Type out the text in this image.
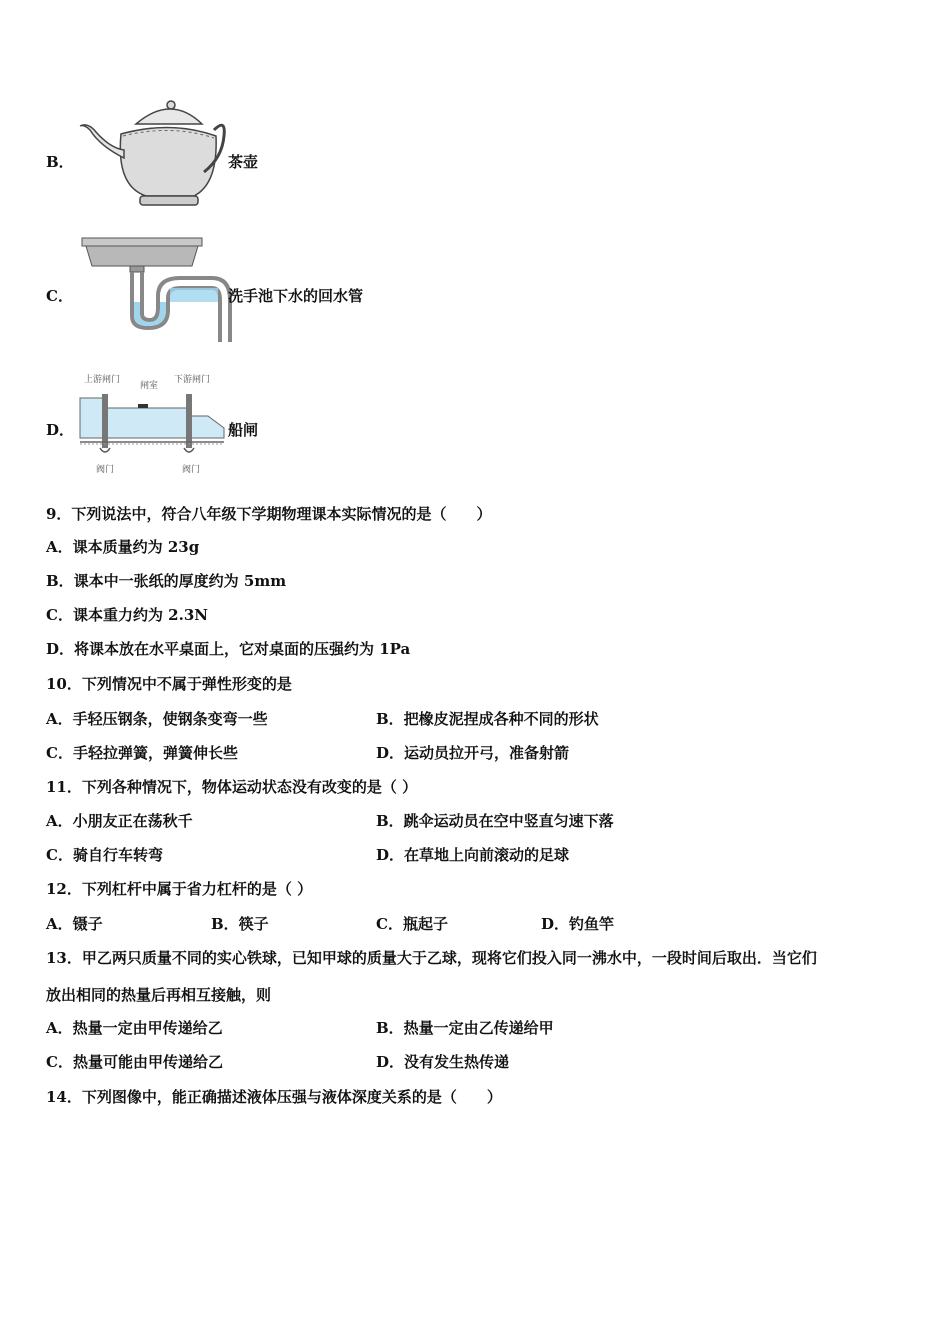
B．	茶壶
C．	洗手池下水的回水管
D．
上游闸门
闸室
下游闸门
阀门	阀门
船闸
9．下列说法中，符合八年级下学期物理课本实际情况的是（　　）
A．课本质量约为 23g
B．课本中一张纸的厚度约为 5mm
C．课本重力约为 2.3N
D．将课本放在水平桌面上，它对桌面的压强约为 1Pa
10．下列情况中不属于弹性形变的是
A．手轻压钢条，使钢条变弯一些	B．把橡皮泥捏成各种不同的形状
C．手轻拉弹簧，弹簧伸长些	D．运动员拉开弓，准备射箭
11．下列各种情况下，物体运动状态没有改变的是（ ）
A．小朋友正在荡秋千	B．跳伞运动员在空中竖直匀速下落
C．骑自行车转弯	D．在草地上向前滚动的足球
12．下列杠杆中属于省力杠杆的是（ ）
A．镊子	B．筷子	C．瓶起子	D．钓鱼竿
13．甲乙两只质量不同的实心铁球，已知甲球的质量大于乙球，现将它们投入同一沸水中，一段时间后取出．当它们
放出相同的热量后再相互接触，则
A．热量一定由甲传递给乙	B．热量一定由乙传递给甲
C．热量可能由甲传递给乙	D．没有发生热传递
14．下列图像中，能正确描述液体压强与液体深度关系的是（　　）
